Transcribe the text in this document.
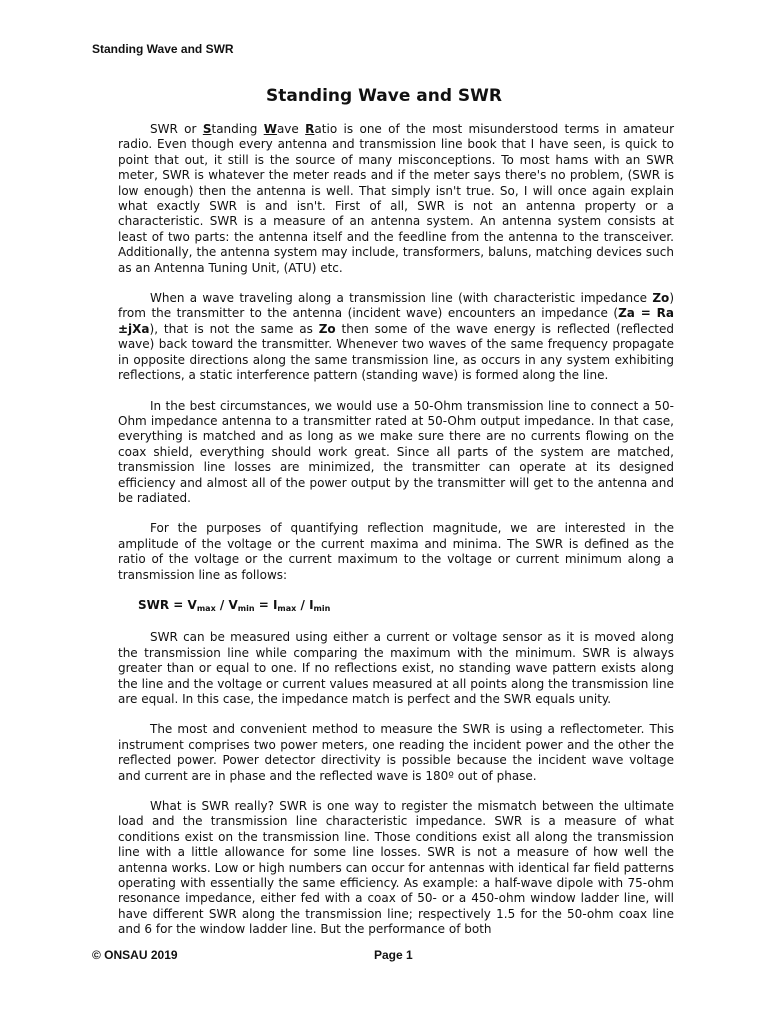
Standing Wave and SWR
Standing Wave and SWR

SWR or Standing Wave Ratio is one of the most misunderstood terms in amateur radio. Even though every antenna and transmission line book that I have seen, is quick to point that out, it still is the source of many misconceptions. To most hams with an SWR meter, SWR is whatever the meter reads and if the meter says there's no problem, (SWR is low enough) then the antenna is well. That simply isn't true. So, I will once again explain what exactly SWR is and isn't. First of all, SWR is not an antenna property or a characteristic. SWR is a measure of an antenna system. An antenna system consists at least of two parts: the antenna itself and the feedline from the antenna to the transceiver. Additionally, the antenna system may include, transformers, baluns, matching devices such as an Antenna Tuning Unit, (ATU) etc.

When a wave traveling along a transmission line (with characteristic impedance Zo) from the transmitter to the antenna (incident wave) encounters an impedance (Za = Ra ±jXa), that is not the same as Zo then some of the wave energy is reflected (reflected wave) back toward the transmitter. Whenever two waves of the same frequency propagate in opposite directions along the same transmission line, as occurs in any system exhibiting reflections, a static interference pattern (standing wave) is formed along the line.

In the best circumstances, we would use a 50-Ohm transmission line to connect a 50-Ohm impedance antenna to a transmitter rated at 50-Ohm output impedance. In that case, everything is matched and as long as we make sure there are no currents flowing on the coax shield, everything should work great. Since all parts of the system are matched, transmission line losses are minimized, the transmitter can operate at its designed efficiency and almost all of the power output by the transmitter will get to the antenna and be radiated.

For the purposes of quantifying reflection magnitude, we are interested in the amplitude of the voltage or the current maxima and minima. The SWR is defined as the ratio of the voltage or the current maximum to the voltage or current minimum along a transmission line as follows:

SWR = $V_{max} / V_{min} = I_{max} / I_{min}$

SWR can be measured using either a current or voltage sensor as it is moved along the transmission line while comparing the maximum with the minimum. SWR is always greater than or equal to one. If no reflections exist, no standing wave pattern exists along the line and the voltage or current values measured at all points along the transmission line are equal. In this case, the impedance match is perfect and the SWR equals unity.

The most and convenient method to measure the SWR is using a reflectometer. This instrument comprises two power meters, one reading the incident power and the other the reflected power. Power detector directivity is possible because the incident wave voltage and current are in phase and the reflected wave is 180º out of phase.

What is SWR really? SWR is one way to register the mismatch between the ultimate load and the transmission line characteristic impedance. SWR is a measure of what conditions exist on the transmission line. Those conditions exist all along the transmission line with a little allowance for some line losses. SWR is not a measure of how well the antenna works. Low or high numbers can occur for antennas with identical far field patterns operating with essentially the same efficiency. As example: a half-wave dipole with 75-ohm resonance impedance, either fed with a coax of 50- or a 450-ohm window ladder line, will have different SWR along the transmission line; respectively 1.5 for the 50-ohm coax line and 6 for the window ladder line. But the performance of both

© ONSAU 2019	Page 1
